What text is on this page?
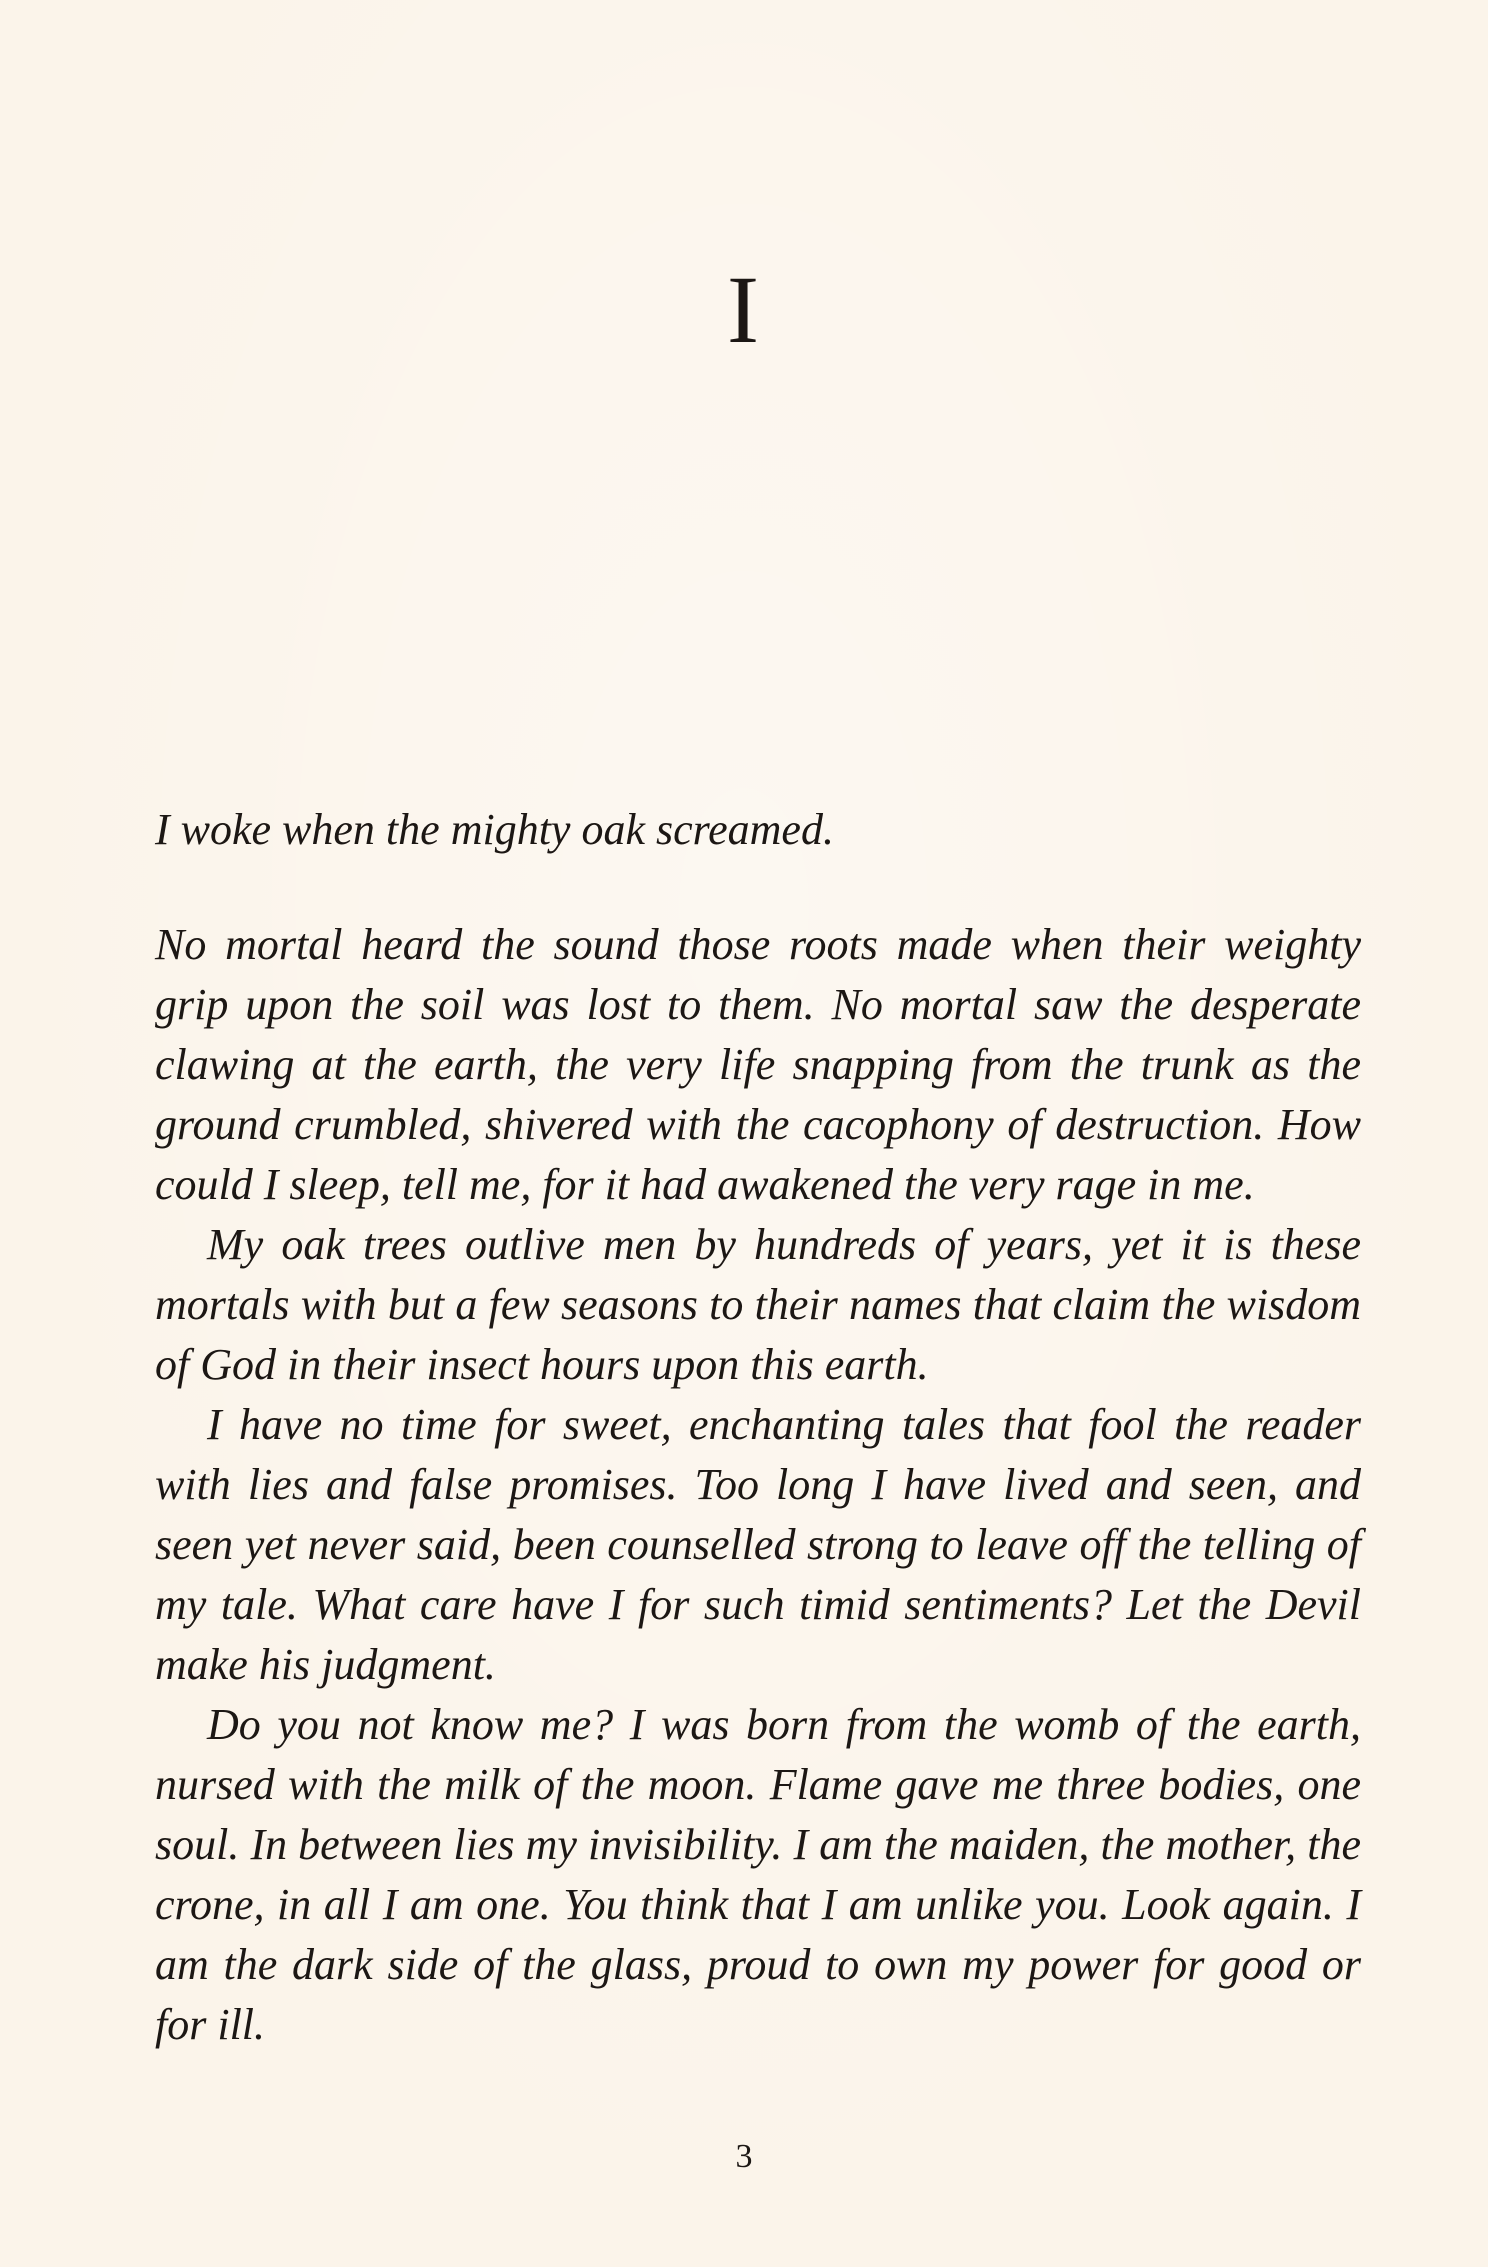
I

I woke when the mighty oak screamed.

No mortal heard the sound those roots made when their weighty grip upon the soil was lost to them. No mortal saw the desperate clawing at the earth, the very life snapping from the trunk as the ground crumbled, shivered with the cacophony of destruction. How could I sleep, tell me, for it had awakened the very rage in me.

My oak trees outlive men by hundreds of years, yet it is these mortals with but a few seasons to their names that claim the wisdom of God in their insect hours upon this earth.

I have no time for sweet, enchanting tales that fool the reader with lies and false promises. Too long I have lived and seen, and seen yet never said, been counselled strong to leave off the telling of my tale. What care have I for such timid sentiments? Let the Devil make his judgment.

Do you not know me? I was born from the womb of the earth, nursed with the milk of the moon. Flame gave me three bodies, one soul. In between lies my invisibility. I am the maiden, the mother, the crone, in all I am one. You think that I am unlike you. Look again. I am the dark side of the glass, proud to own my power for good or for ill.

3
